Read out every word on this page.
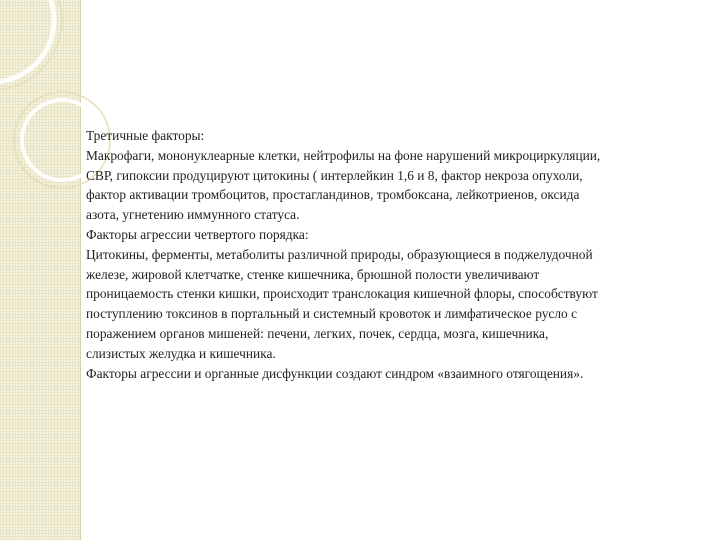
Третичные факторы:

Макрофаги, мононуклеарные клетки, нейтрофилы на фоне нарушений микроциркуляции,

СВР, гипоксии продуцируют цитокины ( интерлейкин 1,6 и 8, фактор некроза опухоли,

фактор активации тромбоцитов, простагландинов, тромбоксана, лейкотриенов, оксида

азота, угнетению иммунного статуса.

Факторы агрессии четвертого порядка:

Цитокины, ферменты, метаболиты различной природы, образующиеся в поджелудочной

железе, жировой клетчатке, стенке кишечника, брюшной полости увеличивают

проницаемость стенки кишки, происходит транслокация кишечной флоры, способствуют

поступлению токсинов в портальный и системный кровоток и лимфатическое русло с

поражением органов мишеней: печени, легких, почек, сердца, мозга, кишечника,

слизистых желудка и кишечника.

Факторы агрессии и органные дисфункции создают синдром «взаимного отягощения».
